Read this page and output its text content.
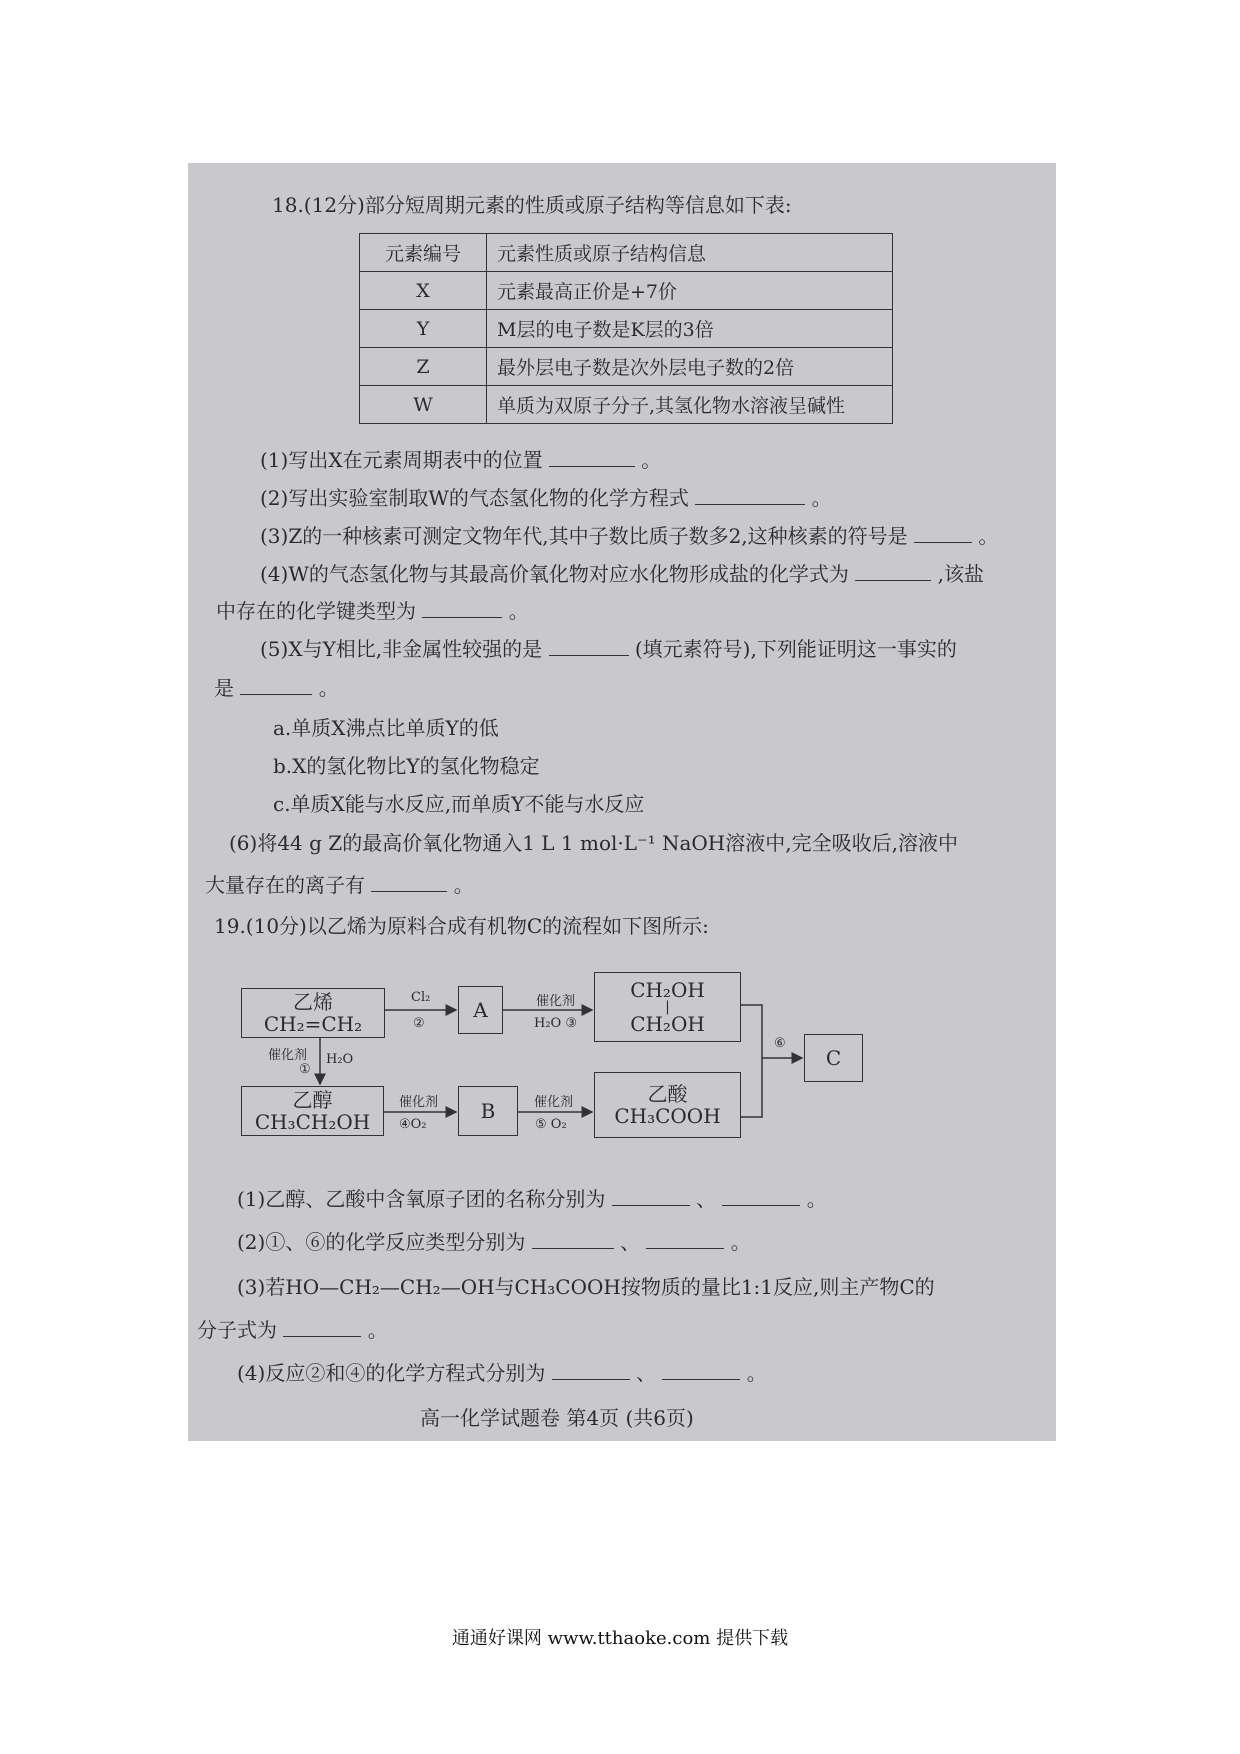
18.(12分)部分短周期元素的性质或原子结构等信息如下表:
元素编号	元素性质或原子结构信息
X	元素最高正价是+7价
Y	M层的电子数是K层的3倍
Z	最外层电子数是次外层电子数的2倍
W	单质为双原子分子,其氢化物水溶液呈碱性
(1)写出X在元素周期表中的位置	。
(2)写出实验室制取W的气态氢化物的化学方程式	。
(3)Z的一种核素可测定文物年代,其中子数比质子数多2,这种核素的符号是	。
(4)W的气态氢化物与其最高价氧化物对应水化物形成盐的化学式为	,该盐
中存在的化学键类型为	。
(5)X与Y相比,非金属性较强的是	(填元素符号),下列能证明这一事实的
是	。
a.单质X沸点比单质Y的低
b.X的氢化物比Y的氢化物稳定
c.单质X能与水反应,而单质Y不能与水反应
(6)将44 g Z的最高价氧化物通入1 L 1 mol·L⁻¹ NaOH溶液中,完全吸收后,溶液中
大量存在的离子有	。
19.(10分)以乙烯为原料合成有机物C的流程如下图所示:
乙烯
CH₂=CH₂
A
CH₂OH
|
CH₂OH
C
乙醇
CH₃CH₂OH	B
乙酸
CH₃COOH
Cl₂
②
催化剂
H₂O ③
催化剂
①
H₂O
催化剂
④O₂
催化剂
⑤ O₂
⑥
(1)乙醇、乙酸中含氧原子团的名称分别为	、	。
(2)①、⑥的化学反应类型分别为	、	。
(3)若HO—CH₂—CH₂—OH与CH₃COOH按物质的量比1:1反应,则主产物C的
分子式为	。
(4)反应②和④的化学方程式分别为	、	。
高一化学试题卷 第4页 (共6页)
通通好课网 www.tthaoke.com 提供下载
